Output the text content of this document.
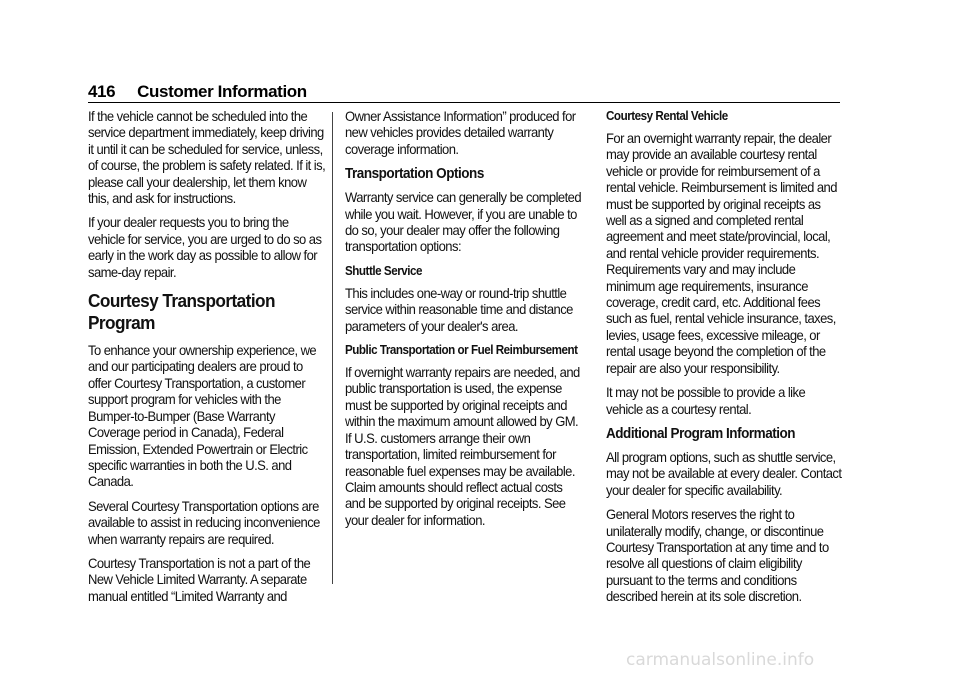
416 Customer Information

If the vehicle cannot be scheduled into the service department immediately, keep driving it until it can be scheduled for service, unless, of course, the problem is safety related. If it is, please call your dealership, let them know this, and ask for instructions.

If your dealer requests you to bring the vehicle for service, you are urged to do so as early in the work day as possible to allow for same-day repair.

Courtesy Transportation Program

To enhance your ownership experience, we and our participating dealers are proud to offer Courtesy Transportation, a customer support program for vehicles with the Bumper-to-Bumper (Base Warranty Coverage period in Canada), Federal Emission, Extended Powertrain or Electric specific warranties in both the U.S. and Canada.

Several Courtesy Transportation options are available to assist in reducing inconvenience when warranty repairs are required.

Courtesy Transportation is not a part of the New Vehicle Limited Warranty. A separate manual entitled “Limited Warranty and

Owner Assistance Information” produced for new vehicles provides detailed warranty coverage information.

Transportation Options

Warranty service can generally be completed while you wait. However, if you are unable to do so, your dealer may offer the following transportation options:

Shuttle Service

This includes one-way or round-trip shuttle service within reasonable time and distance parameters of your dealer's area.

Public Transportation or Fuel Reimbursement

If overnight warranty repairs are needed, and public transportation is used, the expense must be supported by original receipts and within the maximum amount allowed by GM. If U.S. customers arrange their own transportation, limited reimbursement for reasonable fuel expenses may be available. Claim amounts should reflect actual costs and be supported by original receipts. See your dealer for information.

Courtesy Rental Vehicle

For an overnight warranty repair, the dealer may provide an available courtesy rental vehicle or provide for reimbursement of a rental vehicle. Reimbursement is limited and must be supported by original receipts as well as a signed and completed rental agreement and meet state/provincial, local, and rental vehicle provider requirements. Requirements vary and may include minimum age requirements, insurance coverage, credit card, etc. Additional fees such as fuel, rental vehicle insurance, taxes, levies, usage fees, excessive mileage, or rental usage beyond the completion of the repair are also your responsibility.

It may not be possible to provide a like vehicle as a courtesy rental.

Additional Program Information

All program options, such as shuttle service, may not be available at every dealer. Contact your dealer for specific availability.

General Motors reserves the right to unilaterally modify, change, or discontinue Courtesy Transportation at any time and to resolve all questions of claim eligibility pursuant to the terms and conditions described herein at its sole discretion.

carmanualsonline.info
